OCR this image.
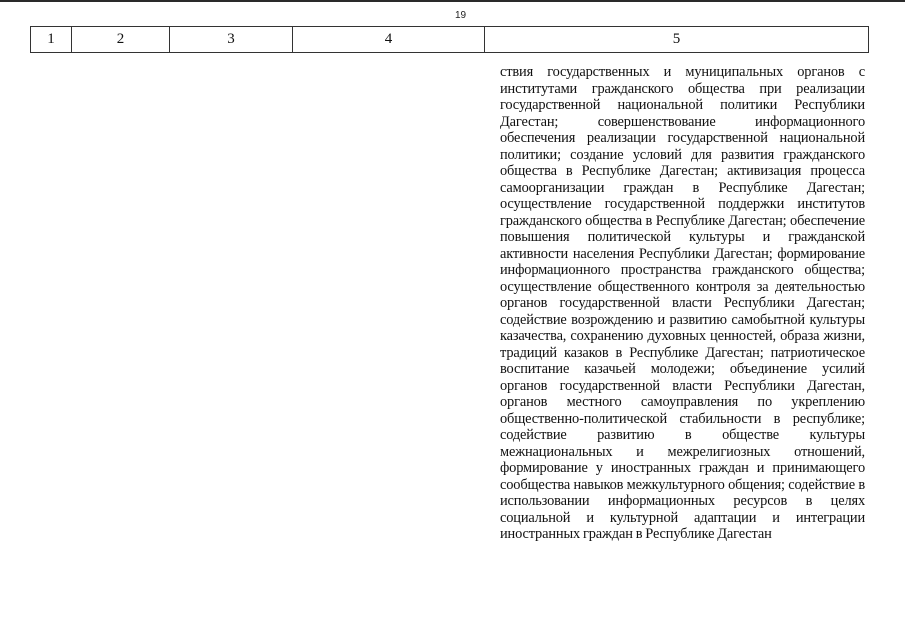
19
1	2	3	4	5
ствия государственных и муниципальных органов с институтами гражданского общества при реализации государственной национальной политики Республики Дагестан; совершенствование информационного обеспечения реализации государственной национальной политики; создание условий для развития гражданского общества в Республике Дагестан; активизация процесса самоорганизации граждан в Республике Дагестан; осуществление государственной поддержки институтов гражданского общества в Республике Дагестан; обеспечение повышения политической культуры и гражданской активности населения Республики Дагестан; формирование информационного пространства гражданского общества; осуществление общественного контроля за деятельностью органов государственной власти Республики Дагестан; содействие возрождению и развитию самобытной культуры казачества, сохранению духовных ценностей, образа жизни, традиций казаков в Республике Дагестан; патриотическое воспитание казачьей молодежи; объединение усилий органов государственной власти Республики Дагестан, органов местного самоуправления по укреплению общественно-политической стабильности в республике; содействие развитию в обществе культуры межнациональных и межрелигиозных отношений, формирование у иностранных граждан и принимающего сообщества навыков межкультурного общения; содействие в использовании информационных ресурсов в целях социальной и культурной адаптации и интеграции иностранных граждан в Республике Дагестан
